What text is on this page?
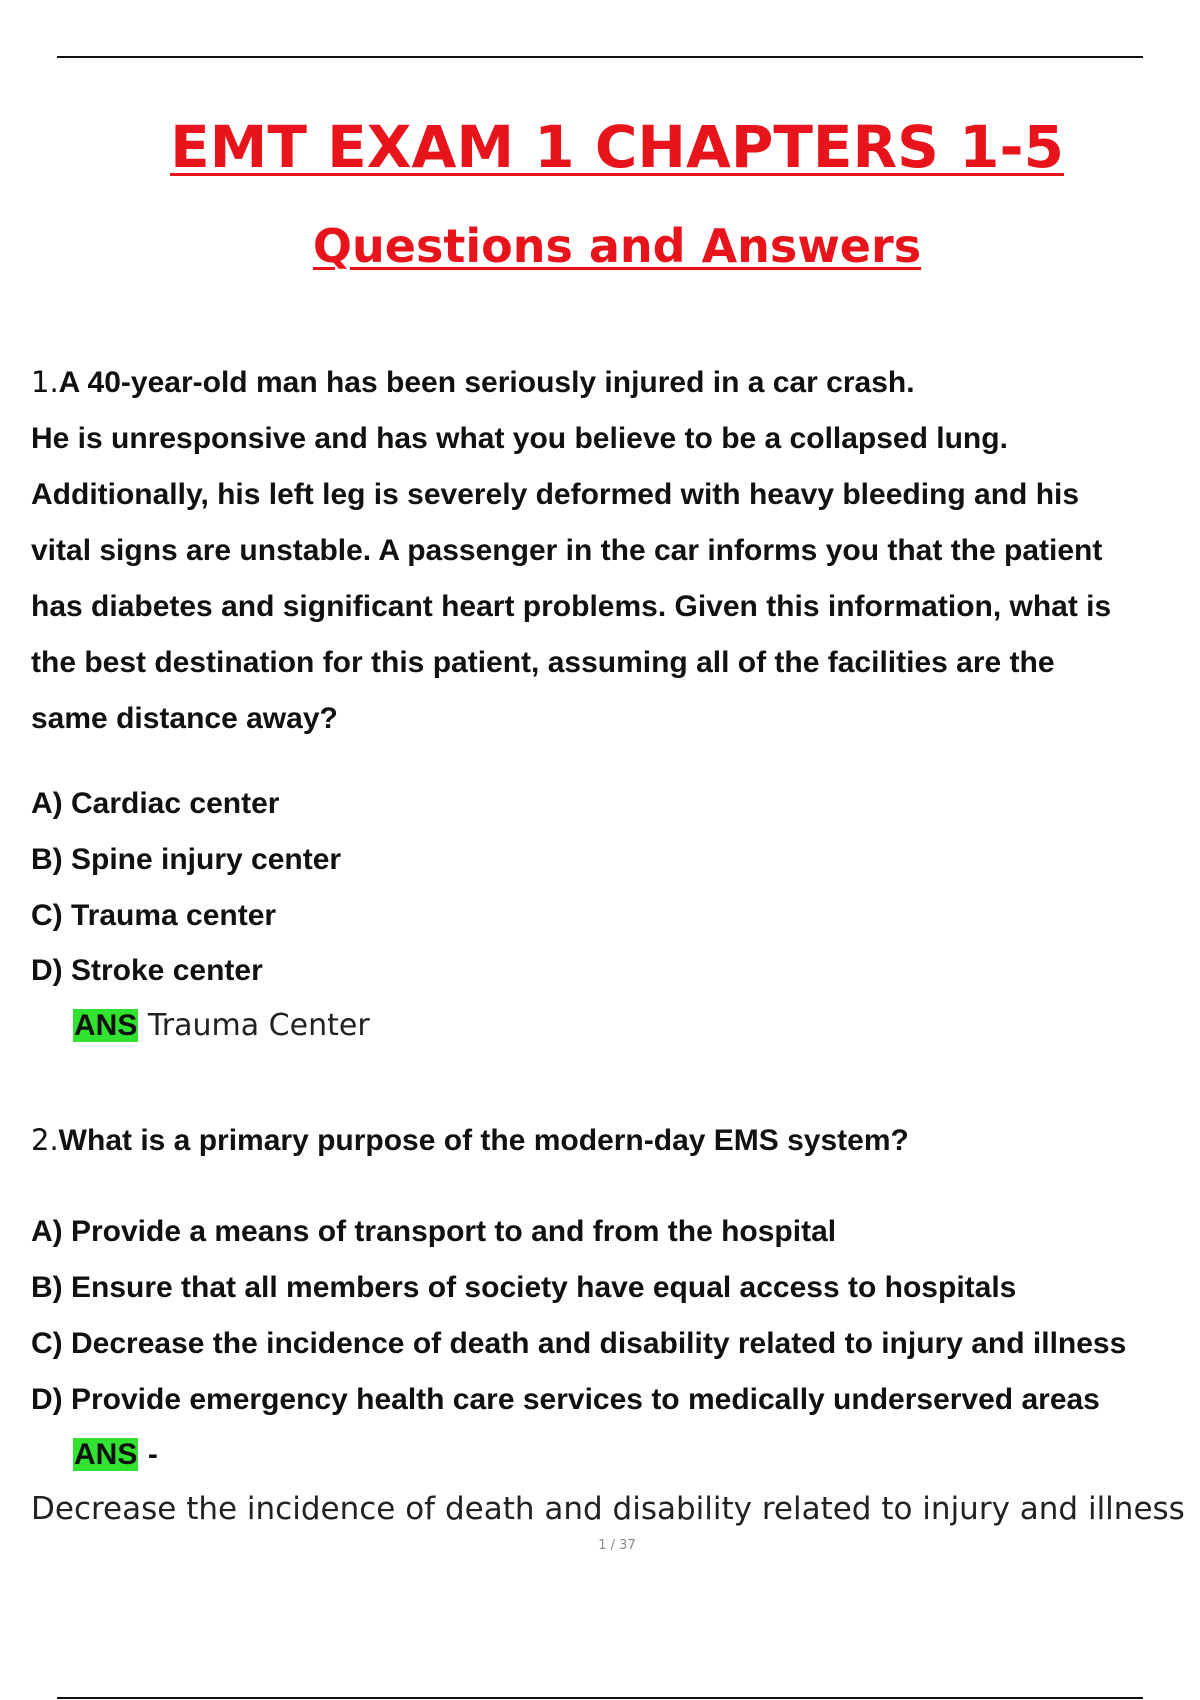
EMT EXAM 1 CHAPTERS 1-5
Questions and Answers
1.A 40-year-old man has been seriously injured in a car crash.
He is unresponsive and has what you believe to be a collapsed lung.
Additionally, his left leg is severely deformed with heavy bleeding and his
vital signs are unstable. A passenger in the car informs you that the patient
has diabetes and significant heart problems. Given this information, what is
the best destination for this patient, assuming all of the facilities are the
same distance away?
A) Cardiac center
B) Spine injury center
C) Trauma center
D) Stroke center
ANS Trauma Center
2.What is a primary purpose of the modern-day EMS system?
A) Provide a means of transport to and from the hospital
B) Ensure that all members of society have equal access to hospitals
C) Decrease the incidence of death and disability related to injury and illness
D) Provide emergency health care services to medically underserved areas
ANS -
Decrease the incidence of death and disability related to injury and illness
1 / 37
